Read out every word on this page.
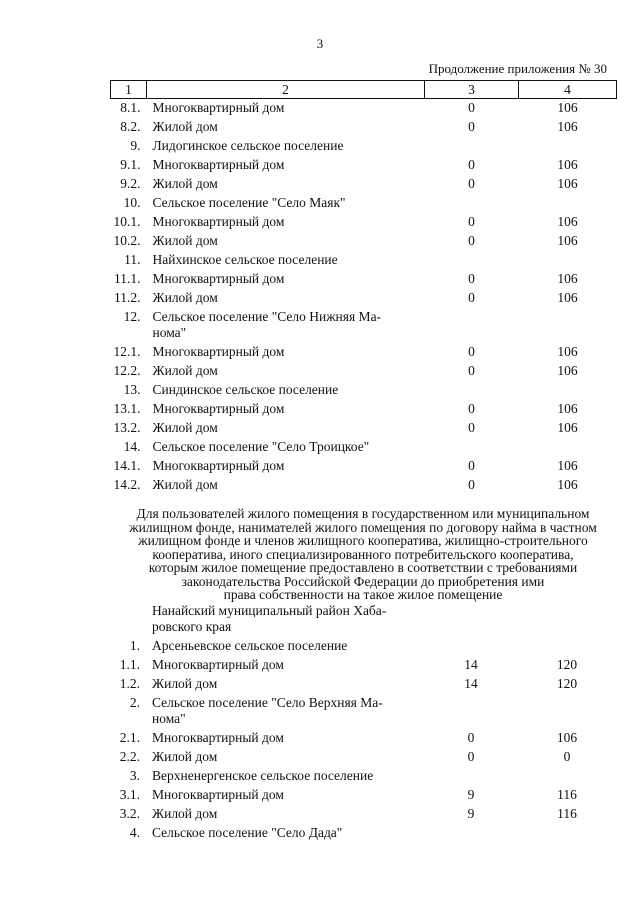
3
Продолжение приложения № 30
1	2	3	4
8.1.	Многоквартирный дом	0	106
8.2.	Жилой дом	0	106
9.	Лидогинское сельское поселение		
9.1.	Многоквартирный дом	0	106
9.2.	Жилой дом	0	106
10.	Сельское поселение "Село Маяк"		
10.1.	Многоквартирный дом	0	106
10.2.	Жилой дом	0	106
11.	Найхинское сельское поселение		
11.1.	Многоквартирный дом	0	106
11.2.	Жилой дом	0	106
12.	Сельское поселение "Село Нижняя Ма-
нома"		
12.1.	Многоквартирный дом	0	106
12.2.	Жилой дом	0	106
13.	Синдинское сельское поселение		
13.1.	Многоквартирный дом	0	106
13.2.	Жилой дом	0	106
14.	Сельское поселение "Село Троицкое"		
14.1.	Многоквартирный дом	0	106
14.2.	Жилой дом	0	106
Для пользователей жилого помещения в государственном или муниципальном
жилищном фонде, нанимателей жилого помещения по договору найма в частном
жилищном фонде и членов жилищного кооператива, жилищно-строительного
кооператива, иного специализированного потребительского кооператива,
которым жилое помещение предоставлено в соответствии с требованиями
законодательства Российской Федерации до приобретения ими
права собственности на такое жилое помещение
	Нанайский муниципальный район Хаба-
ровского края		
1.	Арсеньевское сельское поселение		
1.1.	Многоквартирный дом	14	120
1.2.	Жилой дом	14	120
2.	Сельское поселение "Село Верхняя Ма-
нома"		
2.1.	Многоквартирный дом	0	106
2.2.	Жилой дом	0	0
3.	Верхненергенское сельское поселение		
3.1.	Многоквартирный дом	9	116
3.2.	Жилой дом	9	116
4.	Сельское поселение "Село Дада"		
